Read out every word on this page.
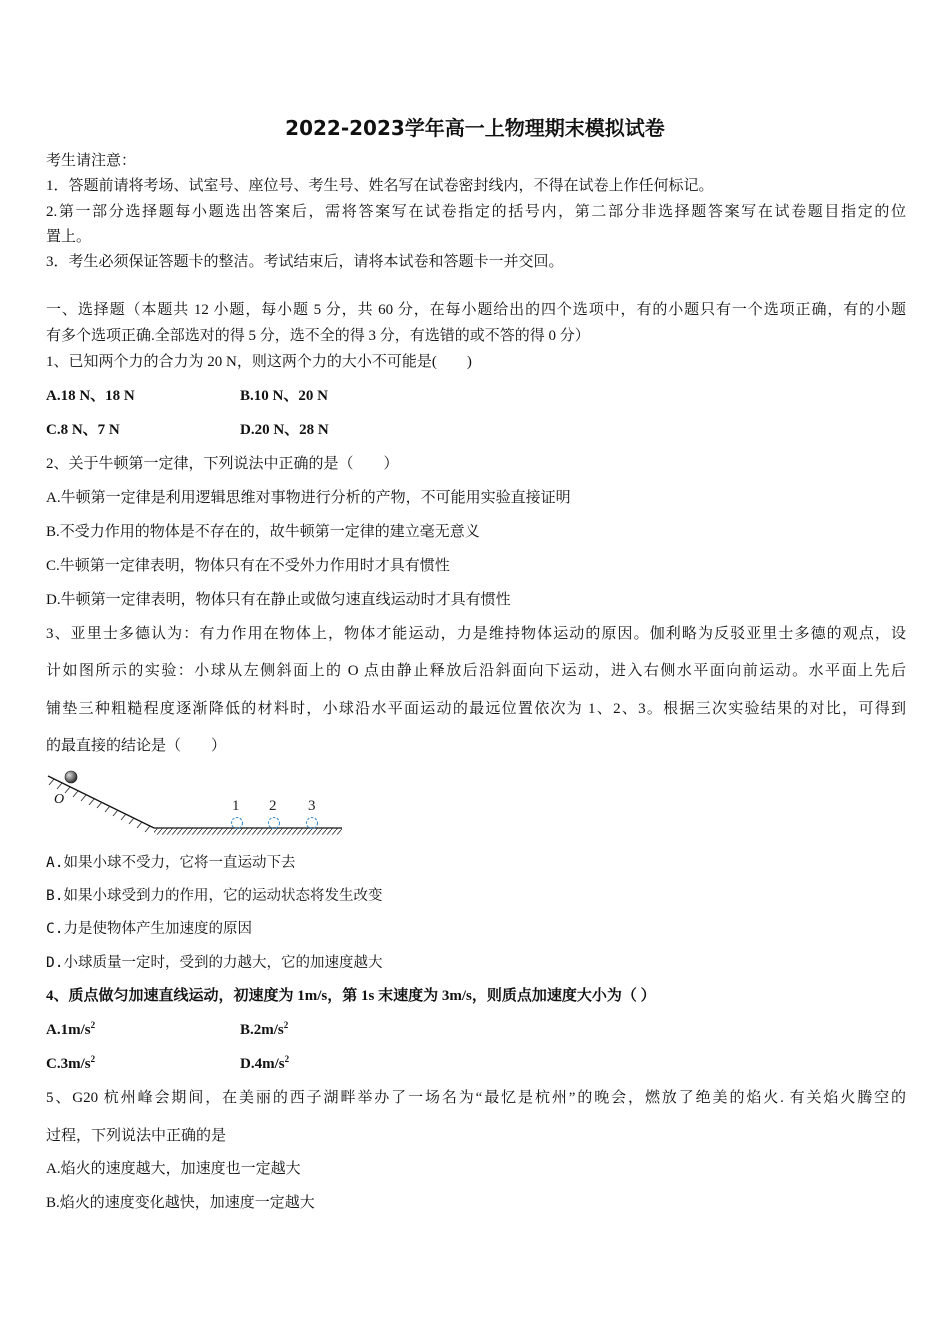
2022-2023学年高一上物理期末模拟试卷
考生请注意：
1．答题前请将考场、试室号、座位号、考生号、姓名写在试卷密封线内，不得在试卷上作任何标记。
2.第一部分选择题每小题选出答案后，需将答案写在试卷指定的括号内，第二部分非选择题答案写在试卷题目指定的位
置上。
3．考生必须保证答题卡的整洁。考试结束后，请将本试卷和答题卡一并交回。
一、选择题（本题共 12 小题，每小题 5 分，共 60 分，在每小题给出的四个选项中，有的小题只有一个选项正确，有的小题
有多个选项正确.全部选对的得 5 分，选不全的得 3 分，有选错的或不答的得 0 分）
1、已知两个力的合力为 20 N，则这两个力的大小不可能是(　　)
A.18 N、18 N	B.10 N、20 N
C.8 N、7 N	D.20 N、28 N
2、关于牛顿第一定律，下列说法中正确的是（　　）
A.牛顿第一定律是利用逻辑思维对事物进行分析的产物，不可能用实验直接证明
B.不受力作用的物体是不存在的，故牛顿第一定律的建立毫无意义
C.牛顿第一定律表明，物体只有在不受外力作用时才具有惯性
D.牛顿第一定律表明，物体只有在静止或做匀速直线运动时才具有惯性
3、亚里士多德认为：有力作用在物体上，物体才能运动，力是维持物体运动的原因。伽利略为反驳亚里士多德的观点，设
计如图所示的实验：小球从左侧斜面上的 O 点由静止释放后沿斜面向下运动，进入右侧水平面向前运动。水平面上先后
铺垫三种粗糙程度逐渐降低的材料时，小球沿水平面运动的最远位置依次为 1、2、3。根据三次实验结果的对比，可得到
的最直接的结论是（　　）
O	1 2 3
A.如果小球不受力，它将一直运动下去
B.如果小球受到力的作用，它的运动状态将发生改变
C.力是使物体产生加速度的原因
D.小球质量一定时，受到的力越大，它的加速度越大
4、质点做匀加速直线运动，初速度为 1m/s，第 1s 末速度为 3m/s，则质点加速度大小为（ ）
$A.1m/s^2$	$B.2m/s^2$
$C.3m/s^2$	$D.4m/s^2$
5、G20 杭州峰会期间，在美丽的西子湖畔举办了一场名为“最忆是杭州”的晚会，燃放了绝美的焰火. 有关焰火腾空的
过程，下列说法中正确的是
A.焰火的速度越大，加速度也一定越大
B.焰火的速度变化越快，加速度一定越大
